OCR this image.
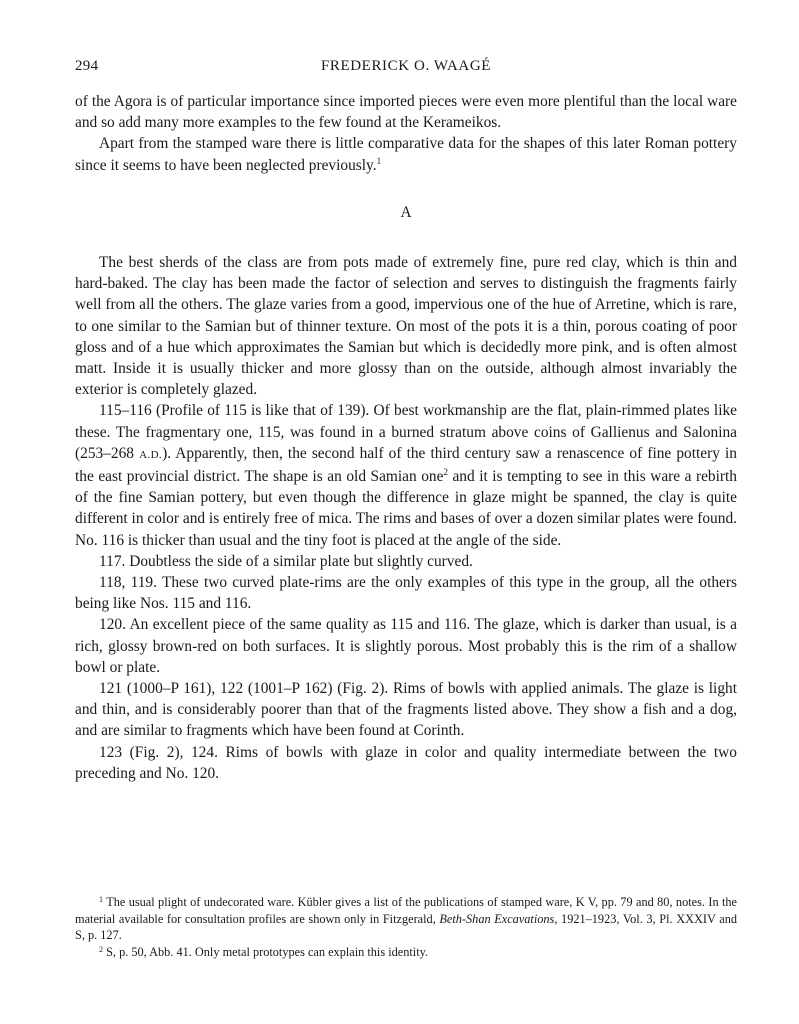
294	FREDERICK O. WAAGÉ

of the Agora is of particular importance since imported pieces were even more plentiful than the local ware and so add many more examples to the few found at the Kerameikos.

Apart from the stamped ware there is little comparative data for the shapes of this later Roman pottery since it seems to have been neglected previously.$^1$

A

The best sherds of the class are from pots made of extremely fine, pure red clay, which is thin and hard-baked. The clay has been made the factor of selection and serves to distinguish the fragments fairly well from all the others. The glaze varies from a good, impervious one of the hue of Arretine, which is rare, to one similar to the Samian but of thinner texture. On most of the pots it is a thin, porous coating of poor gloss and of a hue which approximates the Samian but which is decidedly more pink, and is often almost matt. Inside it is usually thicker and more glossy than on the outside, although almost invariably the exterior is completely glazed.

115–116 (Profile of 115 is like that of 139). Of best workmanship are the flat, plain-rimmed plates like these. The fragmentary one, 115, was found in a burned stratum above coins of Gallienus and Salonina (253–268 A.D.). Apparently, then, the second half of the third century saw a renascence of fine pottery in the east provincial district. The shape is an old Samian one$^2$ and it is tempting to see in this ware a rebirth of the fine Samian pottery, but even though the difference in glaze might be spanned, the clay is quite different in color and is entirely free of mica. The rims and bases of over a dozen similar plates were found. No. 116 is thicker than usual and the tiny foot is placed at the angle of the side.

117. Doubtless the side of a similar plate but slightly curved.

118, 119. These two curved plate-rims are the only examples of this type in the group, all the others being like Nos. 115 and 116.

120. An excellent piece of the same quality as 115 and 116. The glaze, which is darker than usual, is a rich, glossy brown-red on both surfaces. It is slightly porous. Most probably this is the rim of a shallow bowl or plate.

121 (1000–P 161), 122 (1001–P 162) (Fig. 2). Rims of bowls with applied animals. The glaze is light and thin, and is considerably poorer than that of the fragments listed above. They show a fish and a dog, and are similar to fragments which have been found at Corinth.

123 (Fig. 2), 124. Rims of bowls with glaze in color and quality intermediate between the two preceding and No. 120.

$^1$ The usual plight of undecorated ware. Kübler gives a list of the publications of stamped ware, K V, pp. 79 and 80, notes. In the material available for consultation profiles are shown only in Fitzgerald, Beth-Shan Excavations, 1921–1923, Vol. 3, Pl. XXXIV and S, p. 127.

$^2$ S, p. 50, Abb. 41. Only metal prototypes can explain this identity.
